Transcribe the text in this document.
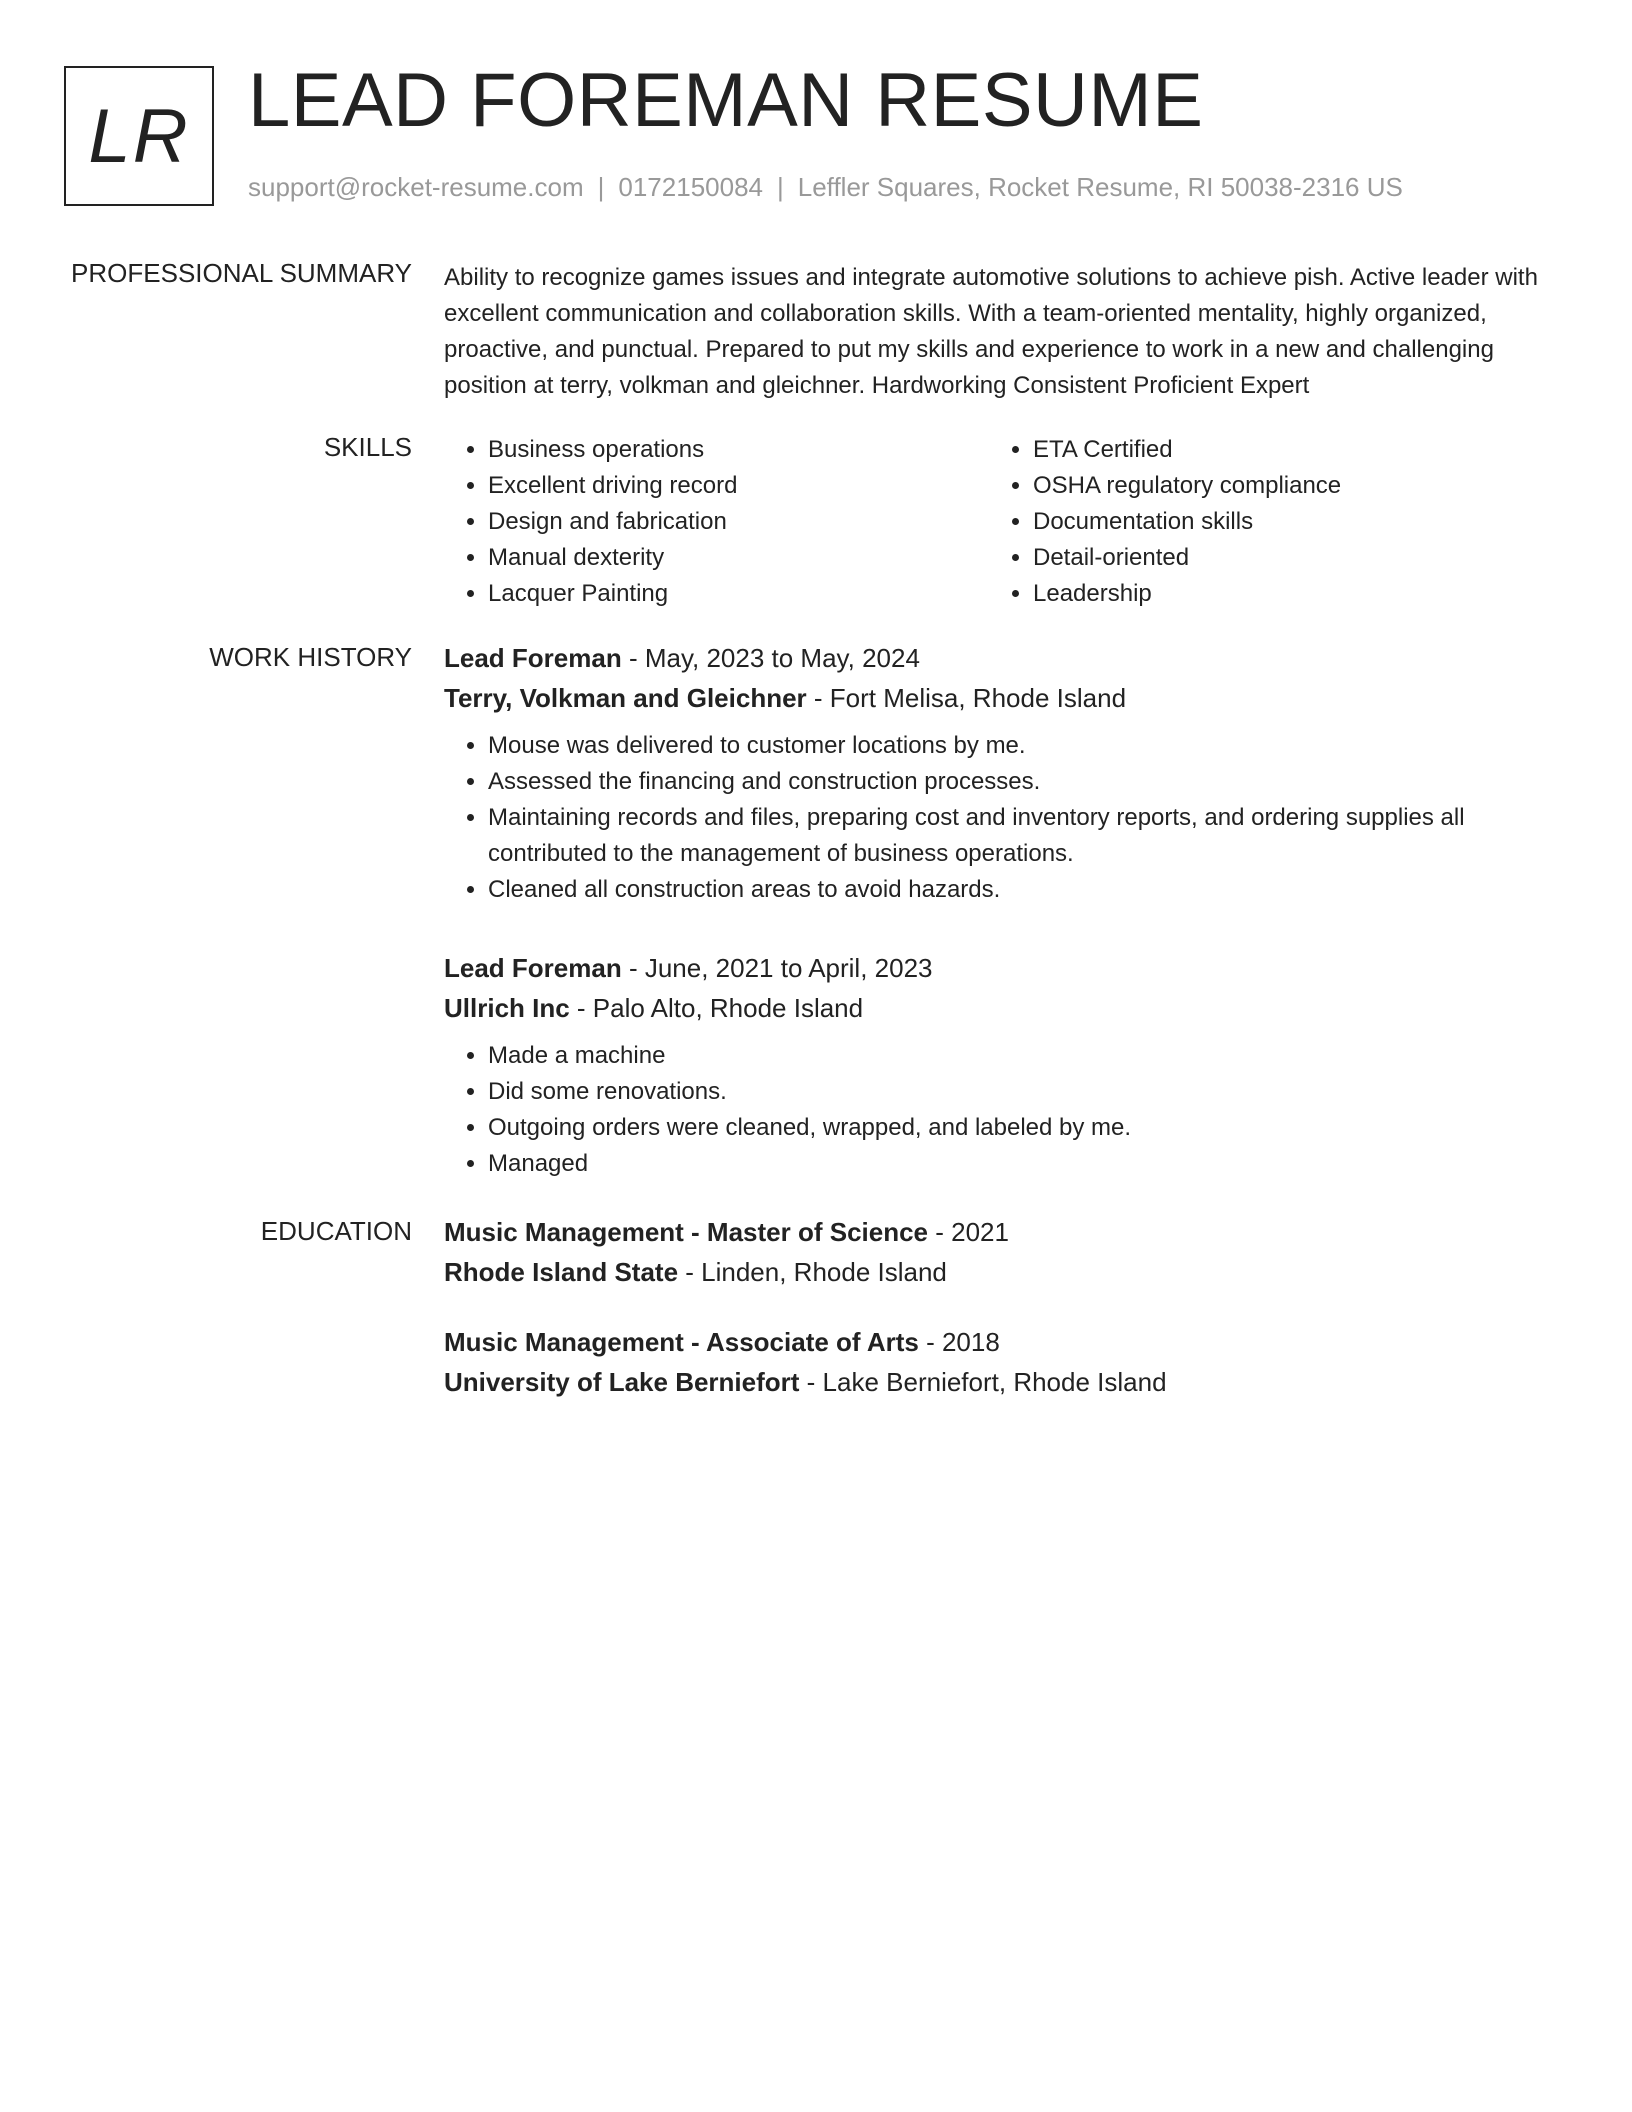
LR LEAD FOREMAN RESUME
support@rocket-resume.com | 0172150084 | Leffler Squares, Rocket Resume, RI 50038-2316 US
PROFESSIONAL SUMMARY Ability to recognize games issues and integrate automotive solutions to achieve pish. Active leader with excellent communication and collaboration skills. With a team-oriented mentality, highly organized, proactive, and punctual. Prepared to put my skills and experience to work in a new and challenging position at terry, volkman and gleichner. Hardworking Consistent Proficient Expert

SKILLS
•	Business operations
• Excellent driving record
• Design and fabrication
• Manual dexterity
• Lacquer Painting
• ETA Certified
• OSHA regulatory compliance
• Documentation skills
• Detail-oriented
• Leadership
WORK HISTORY Lead Foreman - May, 2023 to May, 2024
Terry, Volkman and Gleichner - Fort Melisa, Rhode Island
• Mouse was delivered to customer locations by me.
• Assessed the financing and construction processes.
• Maintaining records and files, preparing cost and inventory reports, and ordering supplies all contributed to the management of business operations.
• Cleaned all construction areas to avoid hazards.
Lead Foreman - June, 2021 to April, 2023
Ullrich Inc - Palo Alto, Rhode Island
• Made a machine
• Did some renovations.
• Outgoing orders were cleaned, wrapped, and labeled by me.
• Managed
EDUCATION Music Management - Master of Science - 2021
Rhode Island State - Linden, Rhode Island
Music Management - Associate of Arts - 2018
University of Lake Berniefort - Lake Berniefort, Rhode Island
